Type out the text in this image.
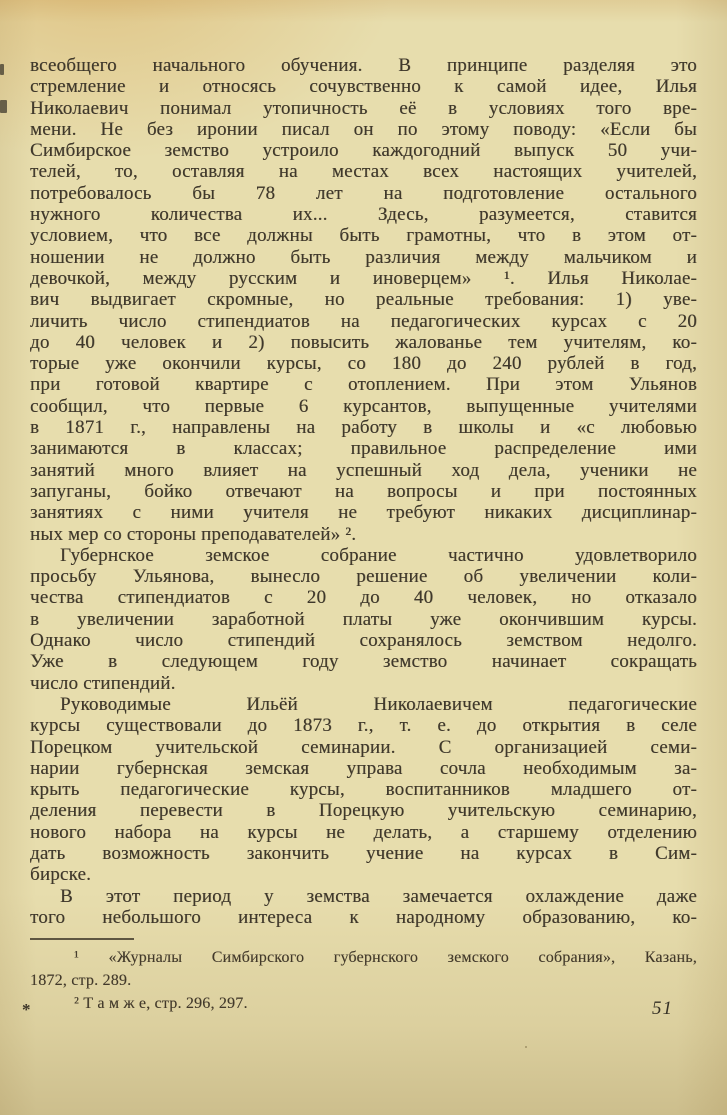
всеобщего начального обучения. В принципе разделяя это
стремление и относясь сочувственно к самой идее, Илья
Николаевич понимал утопичность её в условиях того вре-
мени. Не без иронии писал он по этому поводу: «Если бы
Симбирское земство устроило каждогодний выпуск 50 учи-
телей, то, оставляя на местах всех настоящих учителей,
потребовалось бы 78 лет на подготовление остального
нужного количества их... Здесь, разумеется, ставится
условием, что все должны быть грамотны, что в этом от-
ношении не должно быть различия между мальчиком и
девочкой, между русским и иноверцем» ¹. Илья Николае-
вич выдвигает скромные, но реальные требования: 1) уве-
личить число стипендиатов на педагогических курсах с 20
до 40 человек и 2) повысить жалованье тем учителям, ко-
торые уже окончили курсы, со 180 до 240 рублей в год,
при готовой квартире с отоплением. При этом Ульянов
сообщил, что первые 6 курсантов, выпущенные учителями
в 1871 г., направлены на работу в школы и «с любовью
занимаются в классах; правильное распределение ими
занятий много влияет на успешный ход дела, ученики не
запуганы, бойко отвечают на вопросы и при постоянных
занятиях с ними учителя не требуют никаких дисциплинар-
ных мер со стороны преподавателей» ².
Губернское земское собрание частично удовлетворило
просьбу Ульянова, вынесло решение об увеличении коли-
чества стипендиатов с 20 до 40 человек, но отказало
в увеличении заработной платы уже окончившим курсы.
Однако число стипендий сохранялось земством недолго.
Уже в следующем году земство начинает сокращать
число стипендий.
Руководимые Ильёй Николаевичем педагогические
курсы существовали до 1873 г., т. е. до открытия в селе
Порецком учительской семинарии. С организацией семи-
нарии губернская земская управа сочла необходимым за-
крыть педагогические курсы, воспитанников младшего от-
деления перевести в Порецкую учительскую семинарию,
нового набора на курсы не делать, а старшему отделению
дать возможность закончить учение на курсах в Сим-
бирске.
В этот период у земства замечается охлаждение даже
того небольшого интереса к народному образованию, ко-
¹ «Журналы Симбирского губернского земского собрания», Казань,
1872, стр. 289.
² Т а м ж е, стр. 296, 297.
*	51
